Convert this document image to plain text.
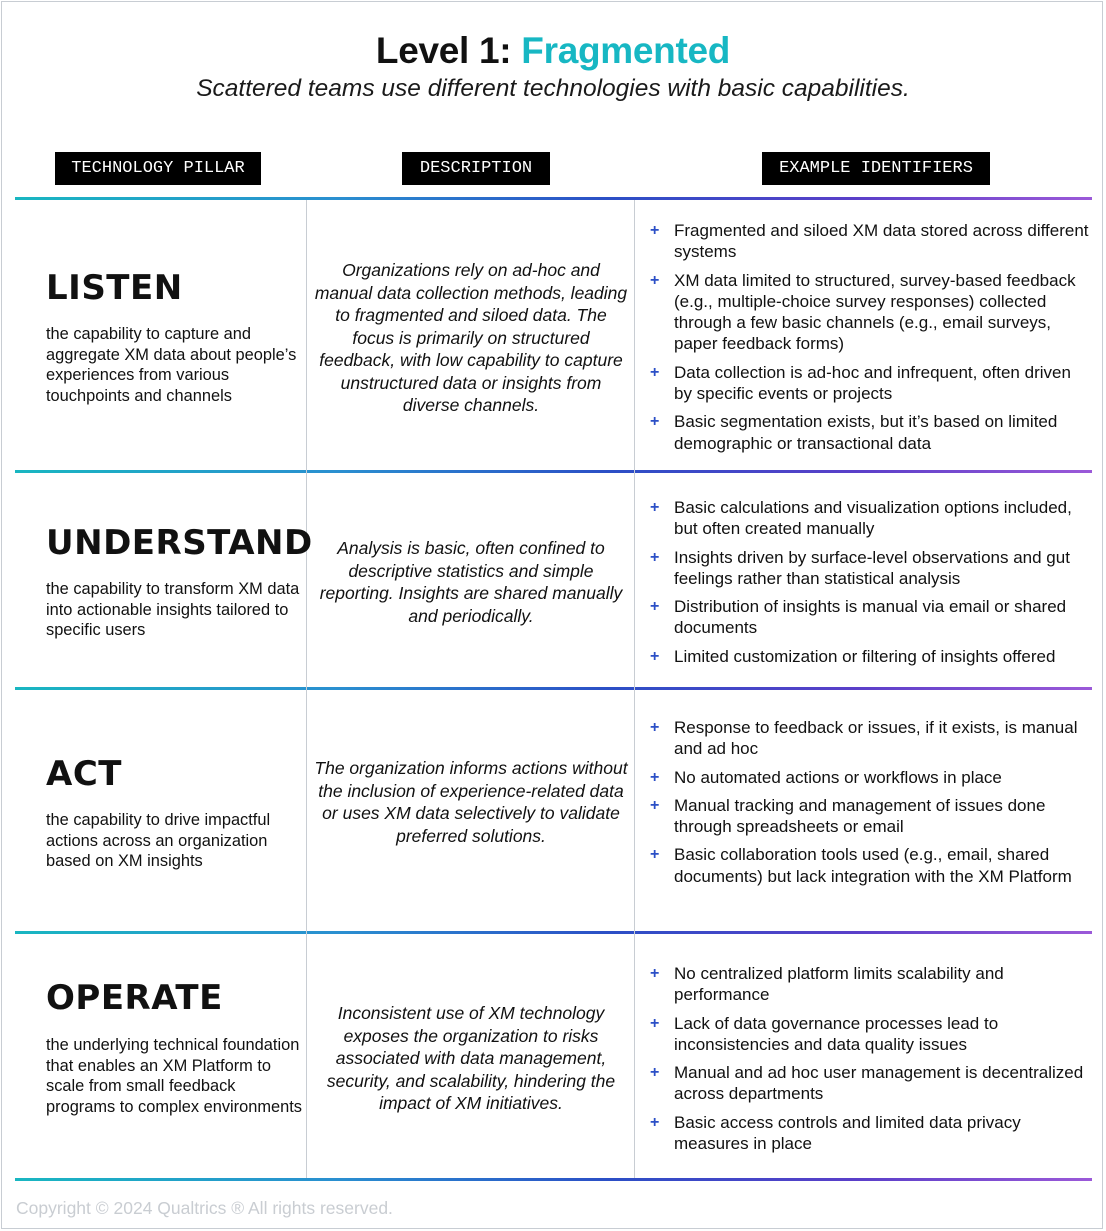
Level 1: Fragmented
Scattered teams use different technologies with basic capabilities.
TECHNOLOGY PILLAR	DESCRIPTION	EXAMPLE IDENTIFIERS
LISTEN
the capability to capture and aggregate XM data about people’s experiences from various touchpoints and channels
Organizations rely on ad-hoc and manual data collection methods, leading to fragmented and siloed data. The focus is primarily on structured feedback, with low capability to capture unstructured data or insights from diverse channels.
+ Fragmented and siloed XM data stored across different systems
+ XM data limited to structured, survey-based feedback (e.g., multiple-choice survey responses) collected through a few basic channels (e.g., email surveys, paper feedback forms)
+ Data collection is ad-hoc and infrequent, often driven by specific events or projects
+ Basic segmentation exists, but it’s based on limited demographic or transactional data
UNDERSTAND
the capability to transform XM data into actionable insights tailored to specific users
Analysis is basic, often confined to descriptive statistics and simple reporting. Insights are shared manually and periodically.
+ Basic calculations and visualization options included, but often created manually
+ Insights driven by surface-level observations and gut feelings rather than statistical analysis
+ Distribution of insights is manual via email or shared documents
+ Limited customization or filtering of insights offered
ACT
the capability to drive impactful actions across an organization based on XM insights
The organization informs actions without the inclusion of experience-related data or uses XM data selectively to validate preferred solutions.
+ Response to feedback or issues, if it exists, is manual and ad hoc
+ No automated actions or workflows in place
+ Manual tracking and management of issues done through spreadsheets or email
+ Basic collaboration tools used (e.g., email, shared documents) but lack integration with the XM Platform
OPERATE
the underlying technical foundation that enables an XM Platform to scale from small feedback programs to complex environments
Inconsistent use of XM technology exposes the organization to risks associated with data management, security, and scalability, hindering the impact of XM initiatives.
+ No centralized platform limits scalability and performance
+ Lack of data governance processes lead to inconsistencies and data quality issues
+ Manual and ad hoc user management is decentralized across departments
+ Basic access controls and limited data privacy measures in place
Copyright © 2024 Qualtrics ® All rights reserved.
